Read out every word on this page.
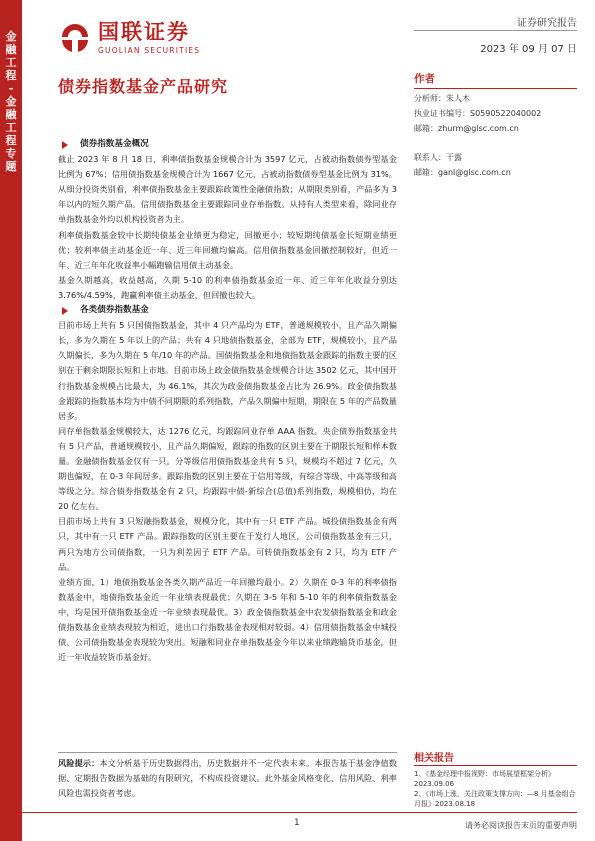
金
融
工
程
-
金
融
工
程
专
题
国联证券
GUOLIAN SECURITIES
证券研究报告
2023 年 09 月 07 日
债券指数基金产品研究	作者
分析师：朱人木
执业证书编号：S0590522040002
邮箱：zhurm@glsc.com.cn
联系人：干露
邮箱：ganl@glsc.com.cn
债券指数基金概况

截止 2023 年 8 月 18 日，利率债指数基金规模合计为 3597 亿元，占被动指数债券型基金比例为 67%；信用债指数基金规模合计为 1667 亿元，占被动指数债券型基金比例为 31%。从细分投资类别看，利率债指数基金主要跟踪政策性金融债指数；从期限类别看，产品多为 3 年以内的短久期产品。信用债指数基金主要跟踪同业存单指数。从持有人类型来看，除同业存单指数基金外均以机构投资者为主。

利率债指数基金较中长期纯债基金业绩更为稳定，回撤更小；较短期纯债基金长短期业绩更优；较利率债主动基金近一年、近三年回撤均偏高。信用债指数基金回撤控制较好，但近一年、近三年年化收益率小幅跑输信用债主动基金。

基金久期越高，收益越高，久期 5-10 的利率债指数基金近一年、近三年年化收益分别达 3.76%/4.59%，跑赢利率债主动基金，但回撤也较大。

各类债券指数基金

目前市场上共有 5 只国债指数基金，其中 4 只产品均为 ETF，普通规模较小，且产品久期偏长，多为久期在 5 年以上的产品；共有 4 只地债指数基金，全部为 ETF，规模较小，且产品久期偏长，多为久期在 5 年/10 年的产品。国债指数基金和地债指数基金跟踪的指数主要的区别在于剩余期限长短和上市地。目前市场上政金债指数基金规模合计达 3502 亿元，其中国开行指数基金规模占比最大，为 46.1%，其次为政金债指数基金占比为 26.9%。政金债指数基金跟踪的指数基本均为中债不同期限的系列指数，产品久期偏中短期，期限在 5 年的产品数量居多。

同存单指数基金规模较大，达 1276 亿元，均跟踪同业存单 AAA 指数。央企债券指数基金共有 5 只产品，普通规模较小，且产品久期偏短，跟踪的指数的区别主要在于期限长短和样本数量。金融债指数基金仅有一只。分等级信用债指数基金共有 5 只，规模均不超过 7 亿元，久期也偏短，在 0-3 年间居多。跟踪指数的区别主要在于信用等级，有综合等级、中高等级和高等级之分。综合债券指数基金有 2 只，均跟踪中债-新综合(总值)系列指数，规模相仿，均在 20 亿左右。

目前市场上共有 3 只短融指数基金，规模分化，其中有一只 ETF 产品。城投债指数基金有两只，其中有一只 ETF 产品。跟踪指数的区别主要在于发行人地区，公司债指数基金有三只，两只为地方公司债指数，一只为利差因子 ETF 产品。可转债指数基金有 2 只，均为 ETF 产品。

业绩方面，1）地债指数基金各类久期产品近一年回撤均最小。2）久期在 0-3 年的利率债指数基金中，地债指数基金近一年业绩表现最优；久期在 3-5 年和 5-10 年的利率债指数基金中，均是国开债指数基金近一年业绩表现最优。3）政金债指数基金中农发债指数基金和政金债指数基金业绩表现较为相近，进出口行指数基金表现相对较弱。4）信用债指数基金中城投债、公司债指数基金表现较为突出。短融和同业存单指数基金今年以来业绩跑输货币基金，但近一年收益较货币基金好。

风险提示：本文分析基于历史数据得出，历史数据并不一定代表未来。本报告基于基金净值数据、定期报告数据为基础的有限研究，不构成投资建议。此外基金风格变化、信用风险、利率风险也需投资者考虑。
相关报告
1、《基金经理中报视野：市场展望框架分析》2023.09.06
2、《市场上涨，关注政策支撑方向：—8 月基金组合月报》2023.08.18
1	请务必阅读报告末页的重要声明
